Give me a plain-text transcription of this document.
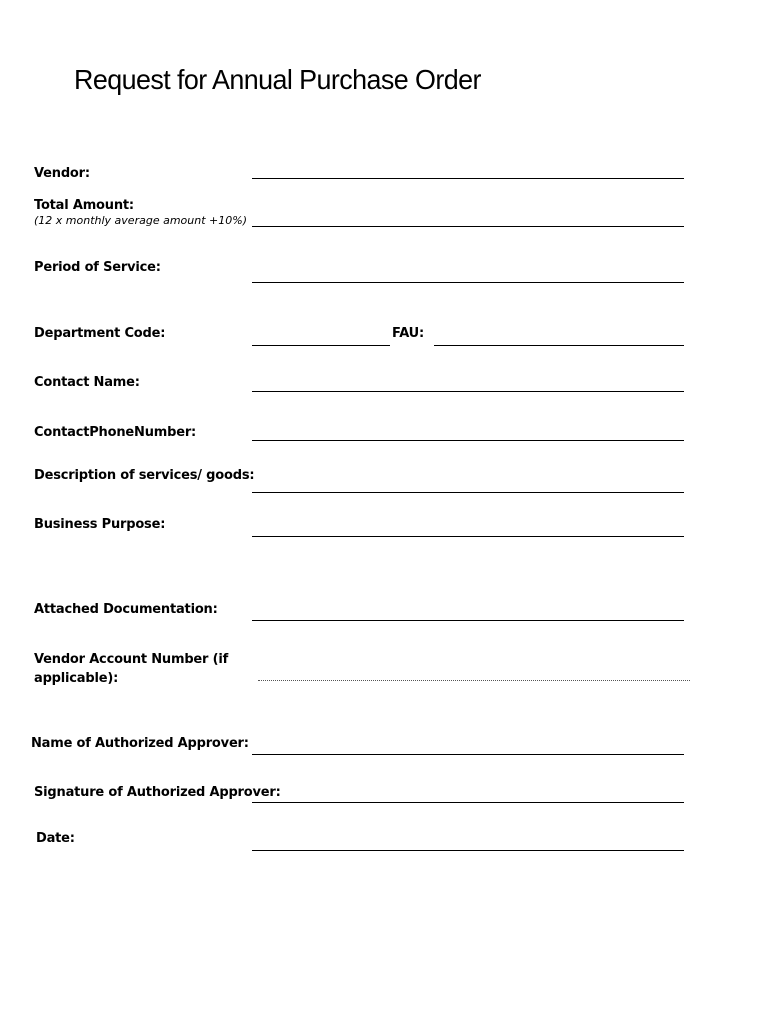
Request for Annual Purchase Order
Vendor:
Total Amount:
(12 x monthly average amount +10%)
Period of Service:
Department Code:	FAU:
Contact Name:
ContactPhoneNumber:
Description of services/ goods:
Business Purpose:
Attached Documentation:
Vendor Account Number (if
applicable):
Name of Authorized Approver:
Signature of Authorized Approver:
Date:
